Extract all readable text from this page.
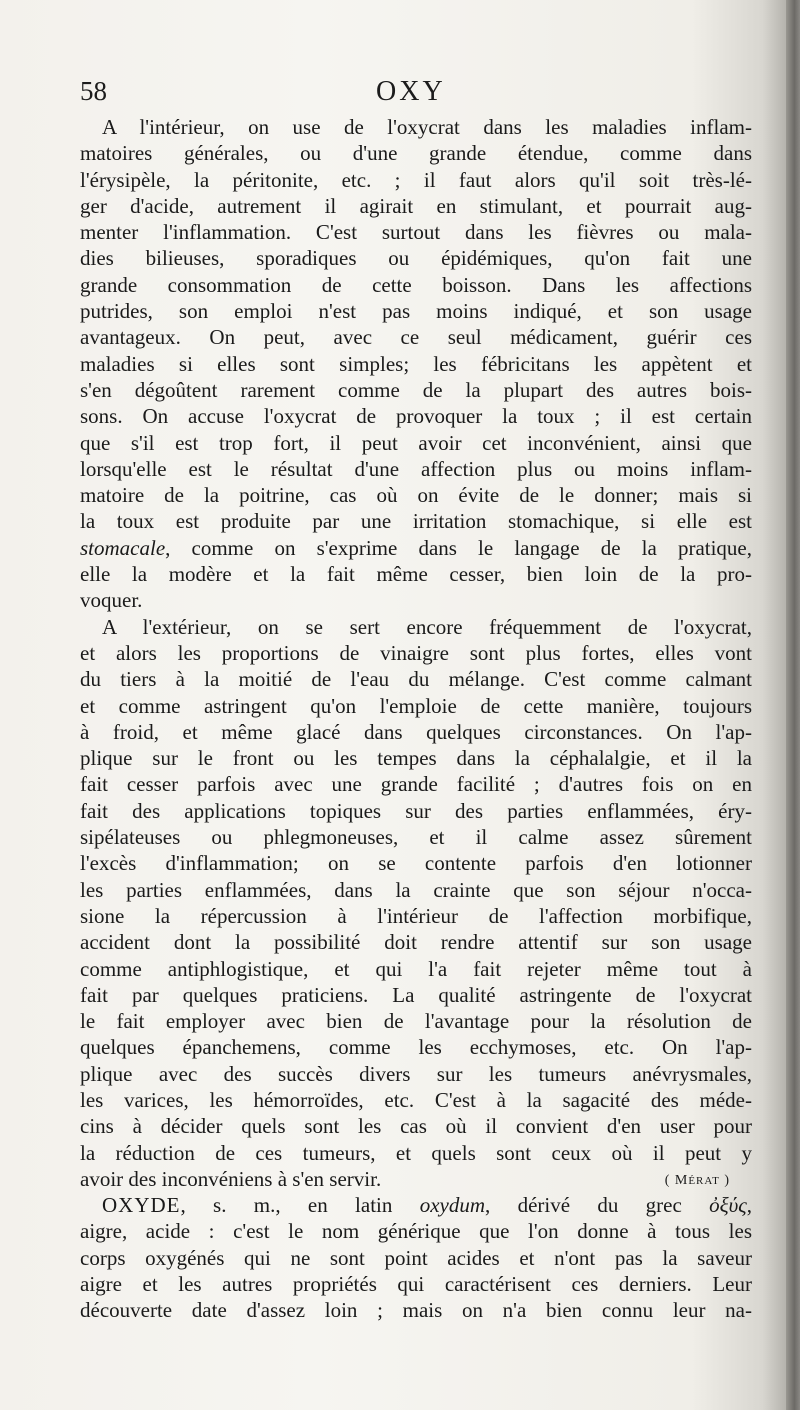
58	OXY
A l'intérieur, on use de l'oxycrat dans les maladies inflam-
matoires générales, ou d'une grande étendue, comme dans
l'érysipèle, la péritonite, etc. ; il faut alors qu'il soit très-lé-
ger d'acide, autrement il agirait en stimulant, et pourrait aug-
menter l'inflammation. C'est surtout dans les fièvres ou mala-
dies bilieuses, sporadiques ou épidémiques, qu'on fait une
grande consommation de cette boisson. Dans les affections
putrides, son emploi n'est pas moins indiqué, et son usage
avantageux. On peut, avec ce seul médicament, guérir ces
maladies si elles sont simples; les fébricitans les appètent et
s'en dégoûtent rarement comme de la plupart des autres bois-
sons. On accuse l'oxycrat de provoquer la toux ; il est certain
que s'il est trop fort, il peut avoir cet inconvénient, ainsi que
lorsqu'elle est le résultat d'une affection plus ou moins inflam-
matoire de la poitrine, cas où on évite de le donner; mais si
la toux est produite par une irritation stomachique, si elle est
stomacale, comme on s'exprime dans le langage de la pratique,
elle la modère et la fait même cesser, bien loin de la pro-
voquer.
A l'extérieur, on se sert encore fréquemment de l'oxycrat,
et alors les proportions de vinaigre sont plus fortes, elles vont
du tiers à la moitié de l'eau du mélange. C'est comme calmant
et comme astringent qu'on l'emploie de cette manière, toujours
à froid, et même glacé dans quelques circonstances. On l'ap-
plique sur le front ou les tempes dans la céphalalgie, et il la
fait cesser parfois avec une grande facilité ; d'autres fois on en
fait des applications topiques sur des parties enflammées, éry-
sipélateuses ou phlegmoneuses, et il calme assez sûrement
l'excès d'inflammation; on se contente parfois d'en lotionner
les parties enflammées, dans la crainte que son séjour n'occa-
sione la répercussion à l'intérieur de l'affection morbifique,
accident dont la possibilité doit rendre attentif sur son usage
comme antiphlogistique, et qui l'a fait rejeter même tout à
fait par quelques praticiens. La qualité astringente de l'oxycrat
le fait employer avec bien de l'avantage pour la résolution de
quelques épanchemens, comme les ecchymoses, etc. On l'ap-
plique avec des succès divers sur les tumeurs anévrysmales,
les varices, les hémorroïdes, etc. C'est à la sagacité des méde-
cins à décider quels sont les cas où il convient d'en user pour
la réduction de ces tumeurs, et quels sont ceux où il peut y
avoir des inconvéniens à s'en servir.	( MÉRAT )
OXYDE, s. m., en latin oxydum, dérivé du grec ὀξύς,
aigre, acide : c'est le nom générique que l'on donne à tous les
corps oxygénés qui ne sont point acides et n'ont pas la saveur
aigre et les autres propriétés qui caractérisent ces derniers. Leur
découverte date d'assez loin ; mais on n'a bien connu leur na-
